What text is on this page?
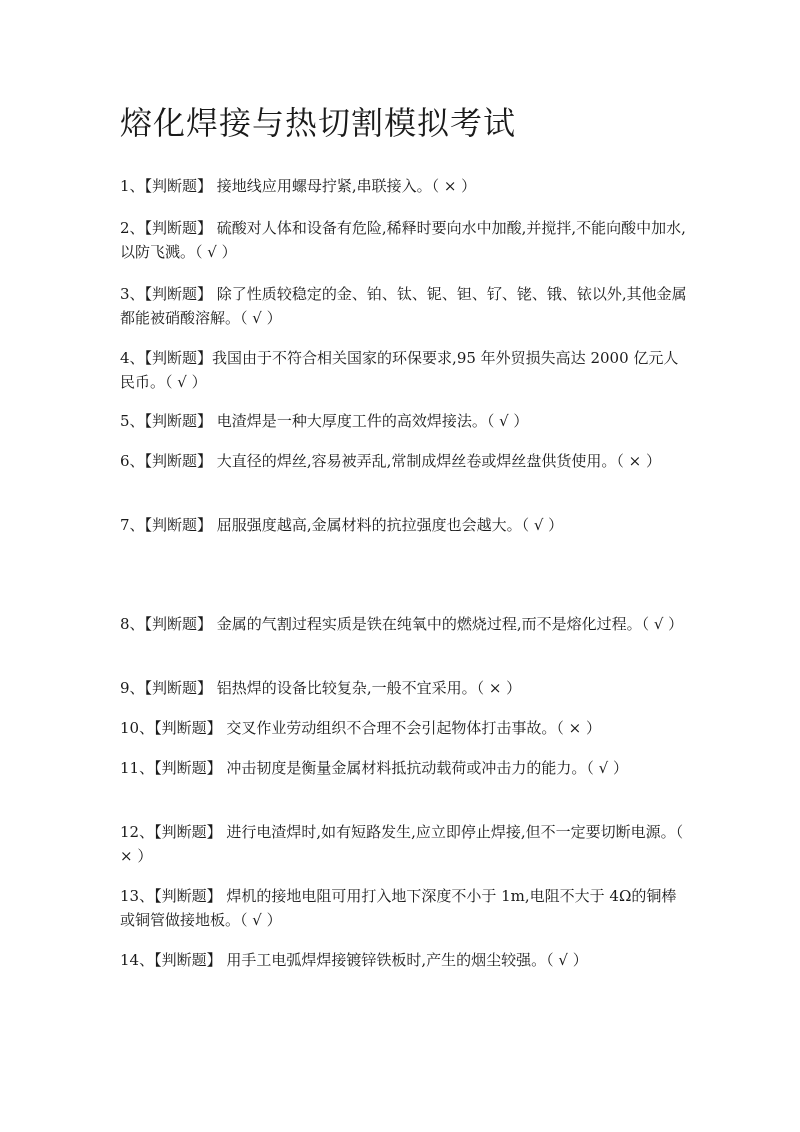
熔化焊接与热切割模拟考试

1、【判断题】 接地线应用螺母拧紧,串联接入。（ × ）

2、【判断题】 硫酸对人体和设备有危险,稀释时要向水中加酸,并搅拌,不能向酸中加水,以防飞溅。（ √ ）

3、【判断题】 除了性质较稳定的金、铂、钛、铌、钽、钌、铑、锇、铱以外,其他金属都能被硝酸溶解。（ √ ）

4、【判断题】我国由于不符合相关国家的环保要求,95 年外贸损失高达 2000 亿元人民币。（ √ ）

5、【判断题】 电渣焊是一种大厚度工件的高效焊接法。（ √ ）

6、【判断题】 大直径的焊丝,容易被弄乱,常制成焊丝卷或焊丝盘供货使用。（ × ）

7、【判断题】 屈服强度越高,金属材料的抗拉强度也会越大。（ √ ）

8、【判断题】 金属的气割过程实质是铁在纯氧中的燃烧过程,而不是熔化过程。（ √ ）

9、【判断题】 铝热焊的设备比较复杂,一般不宜采用。（ × ）

10、【判断题】 交叉作业劳动组织不合理不会引起物体打击事故。（ × ）

11、【判断题】 冲击韧度是衡量金属材料抵抗动载荷或冲击力的能力。（ √ ）

12、【判断题】 进行电渣焊时,如有短路发生,应立即停止焊接,但不一定要切断电源。（ × ）

13、【判断题】 焊机的接地电阻可用打入地下深度不小于 1m,电阻不大于 4Ω的铜棒或铜管做接地板。（ √ ）

14、【判断题】 用手工电弧焊焊接镀锌铁板时,产生的烟尘较强。（ √ ）
